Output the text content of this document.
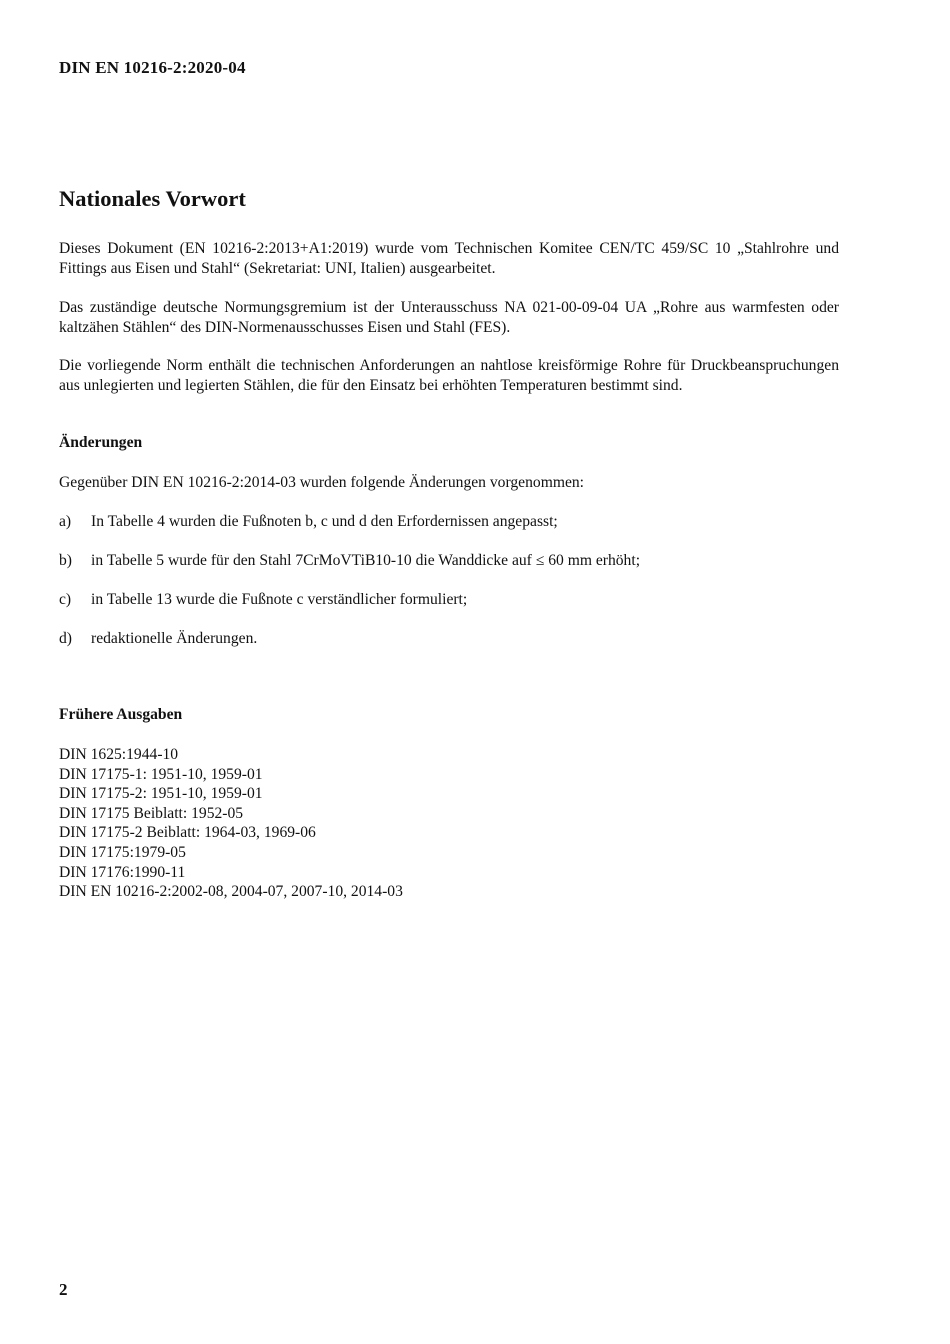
DIN EN 10216-2:2020-04
Nationales Vorwort

Dieses Dokument (EN 10216-2:2013+A1:2019) wurde vom Technischen Komitee CEN/TC 459/SC 10 „Stahlrohre und Fittings aus Eisen und Stahl“ (Sekretariat: UNI, Italien) ausgearbeitet.

Das zuständige deutsche Normungsgremium ist der Unterausschuss NA 021-00-09-04 UA „Rohre aus warmfesten oder kaltzähen Stählen“ des DIN-Normenausschusses Eisen und Stahl (FES).

Die vorliegende Norm enthält die technischen Anforderungen an nahtlose kreisförmige Rohre für Druckbeanspruchungen aus unlegierten und legierten Stählen, die für den Einsatz bei erhöhten Temperaturen bestimmt sind.

Änderungen

Gegenüber DIN EN 10216-2:2014-03 wurden folgende Änderungen vorgenommen:

a) In Tabelle 4 wurden die Fußnoten b, c und d den Erfordernissen angepasst;
b) in Tabelle 5 wurde für den Stahl 7CrMoVTiB10-10 die Wanddicke auf ≤ 60 mm erhöht;
c) in Tabelle 13 wurde die Fußnote c verständlicher formuliert;
d) redaktionelle Änderungen.
Frühere Ausgaben
DIN 1625:1944-10
DIN 17175-1: 1951-10, 1959-01
DIN 17175-2: 1951-10, 1959-01
DIN 17175 Beiblatt: 1952-05
DIN 17175-2 Beiblatt: 1964-03, 1969-06
DIN 17175:1979-05
DIN 17176:1990-11
DIN EN 10216-2:2002-08, 2004-07, 2007-10, 2014-03
2
